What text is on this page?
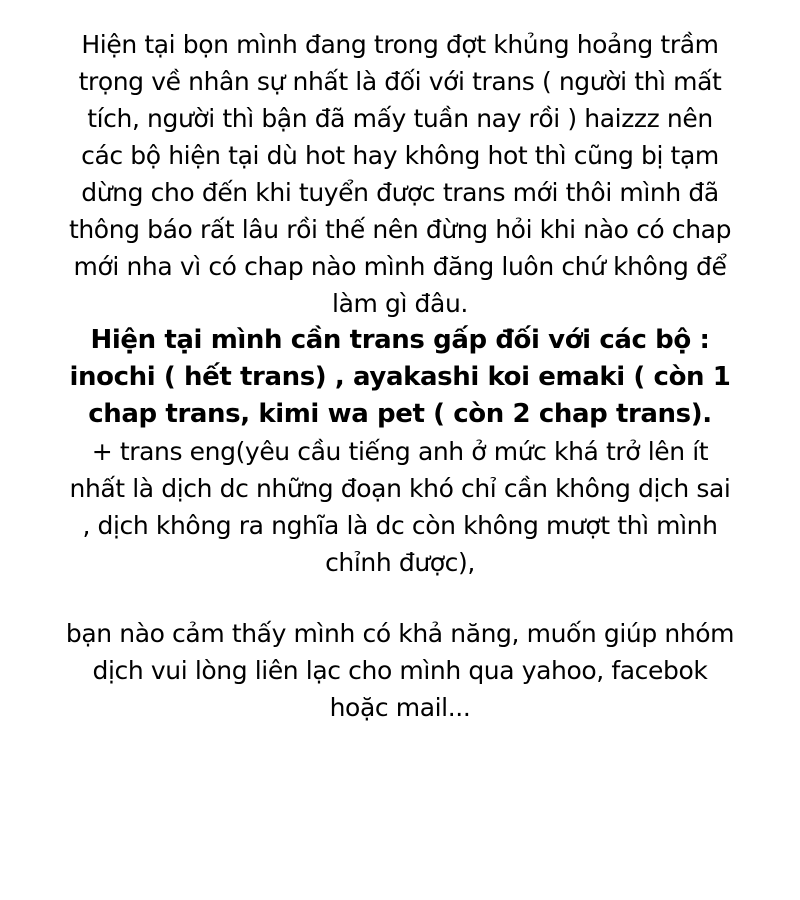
Hiện tại bọn mình đang trong đợt khủng hoảng trầm
trọng về nhân sự nhất là đối với trans ( người thì mất
tích, người thì bận đã mấy tuần nay rồi ) haizzz nên
các bộ hiện tại dù hot hay không hot thì cũng bị tạm
dừng cho đến khi tuyển được trans mới thôi mình đã
thông báo rất lâu rồi thế nên đừng hỏi khi nào có chap
mới nha vì có chap nào mình đăng luôn chứ không để
làm gì đâu.
Hiện tại mình cần trans gấp đối với các bộ :
inochi ( hết trans) , ayakashi koi emaki ( còn 1
chap trans, kimi wa pet ( còn 2 chap trans).
+ trans eng(yêu cầu tiếng anh ở mức khá trở lên ít
nhất là dịch dc những đoạn khó chỉ cần không dịch sai
, dịch không ra nghĩa là dc còn không mượt thì mình
chỉnh được),
bạn nào cảm thấy mình có khả năng, muốn giúp nhóm
dịch vui lòng liên lạc cho mình qua yahoo, facebok
hoặc mail...
